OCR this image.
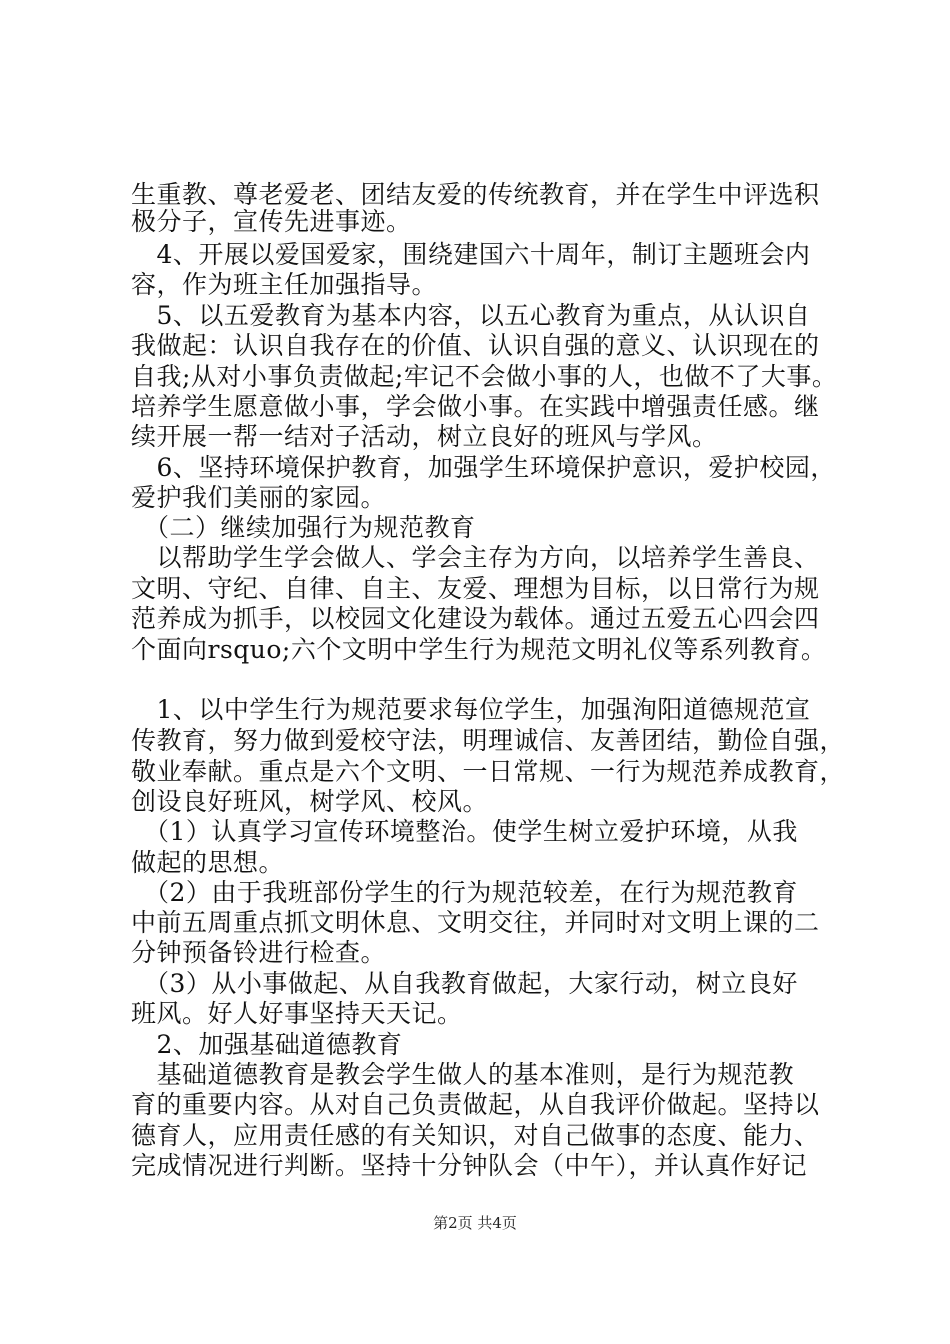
生重教、尊老爱老、团结友爱的传统教育，并在学生中评选积
极分子，宣传先进事迹。
　4、开展以爱国爱家，围绕建国六十周年，制订主题班会内
容，作为班主任加强指导。
　5、以五爱教育为基本内容，以五心教育为重点，从认识自
我做起：认识自我存在的价值、认识自强的意义、认识现在的
自我;从对小事负责做起;牢记不会做小事的人，也做不了大事。
培养学生愿意做小事，学会做小事。在实践中增强责任感。继
续开展一帮一结对子活动，树立良好的班风与学风。
　6、坚持环境保护教育，加强学生环境保护意识，爱护校园，
爱护我们美丽的家园。
　（二）继续加强行为规范教育
　以帮助学生学会做人、学会主存为方向，以培养学生善良、
文明、守纪、自律、自主、友爱、理想为目标，以日常行为规
范养成为抓手，以校园文化建设为载体。通过五爱五心四会四
个面向rsquo;六个文明中学生行为规范文明礼仪等系列教育。
　1、以中学生行为规范要求每位学生，加强洵阳道德规范宣
传教育，努力做到爱校守法，明理诚信、友善团结，勤俭自强，
敬业奉献。重点是六个文明、一日常规、一行为规范养成教育，
创设良好班风，树学风、校风。
　（1）认真学习宣传环境整治。使学生树立爱护环境，从我
做起的思想。
　（2）由于我班部份学生的行为规范较差，在行为规范教育
中前五周重点抓文明休息、文明交往，并同时对文明上课的二
分钟预备铃进行检查。
　（3）从小事做起、从自我教育做起，大家行动，树立良好
班风。好人好事坚持天天记。
　2、加强基础道德教育
　基础道德教育是教会学生做人的基本准则，是行为规范教
育的重要内容。从对自己负责做起，从自我评价做起。坚持以
德育人，应用责任感的有关知识，对自己做事的态度、能力、
完成情况进行判断。坚持十分钟队会（中午），并认真作好记
第2页 共4页
